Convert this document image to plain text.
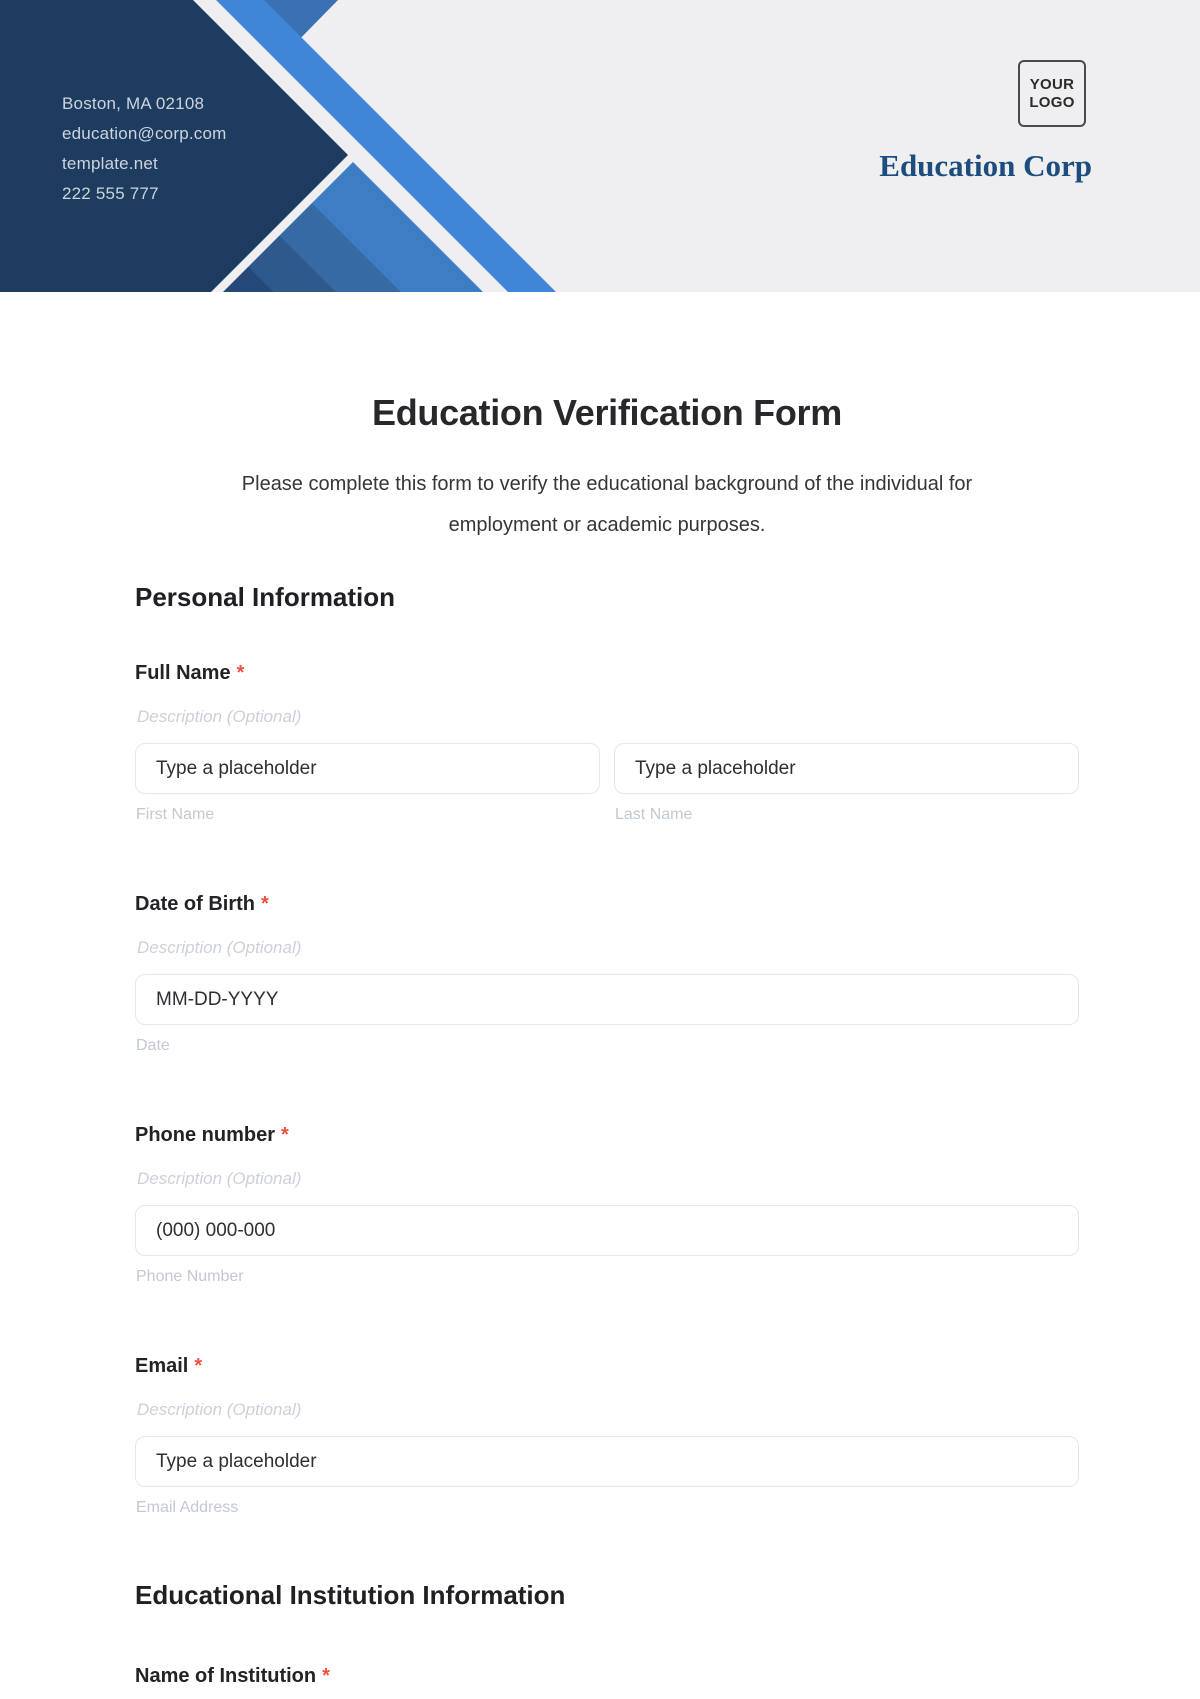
Boston, MA 02108
education@corp.com
template.net
222 555 777
YOUR
LOGO
Education Corp
Education Verification Form
Please complete this form to verify the educational background of the individual for employment or academic purposes.
Personal Information
Full Name *
Description (Optional)
Type a placeholder
First Name
Type a placeholder	Last Name
Date of Birth *
Description (Optional)
MM-DD-YYYY
Date
Phone number *
Description (Optional)
(000) 000-000
Phone Number
Email *
Description (Optional)
Type a placeholder
Email Address
Educational Institution Information
Name of Institution *
